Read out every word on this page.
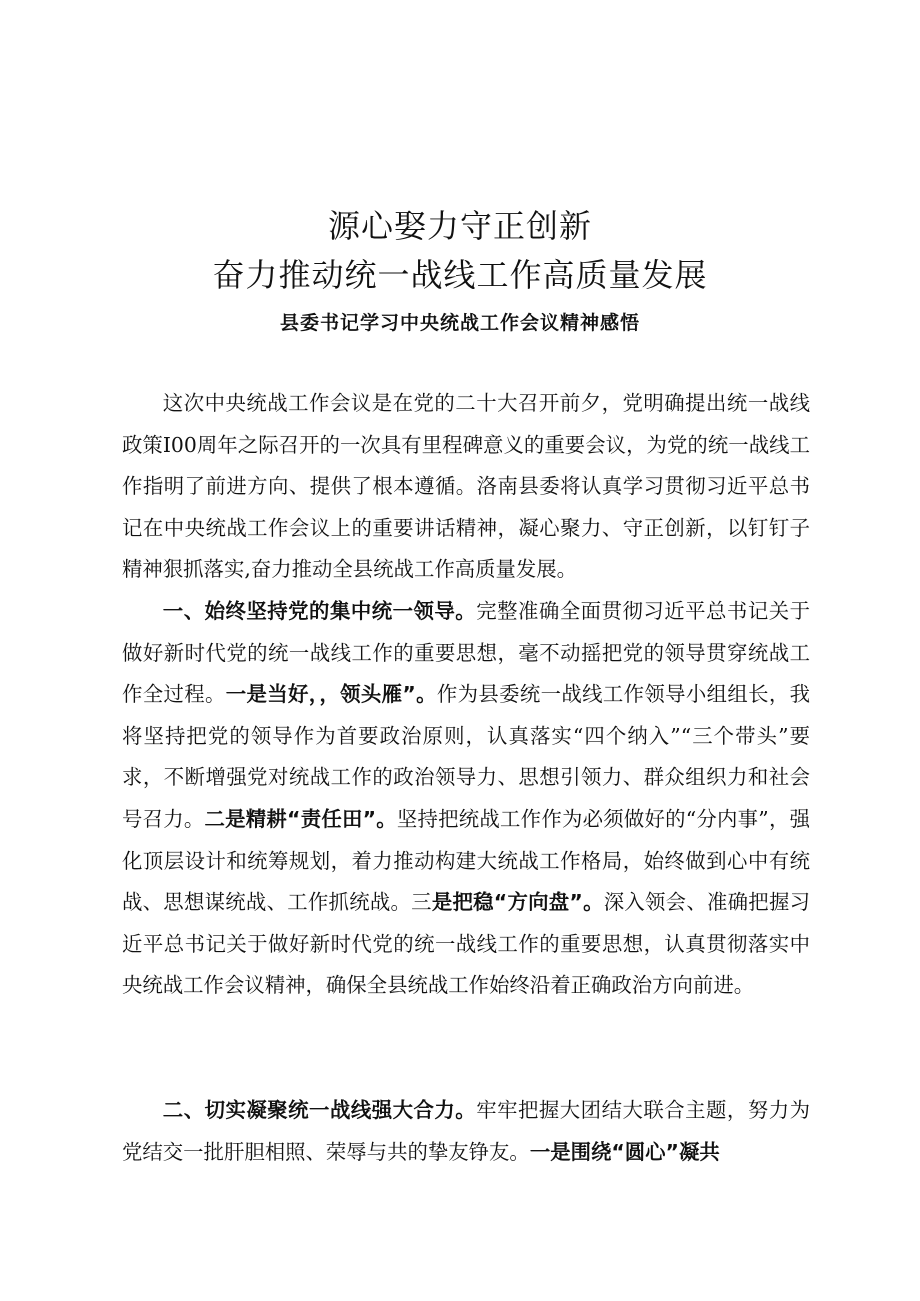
源心娶力守正创新
奋力推动统一战线工作高质量发展
县委书记学习中央统战工作会议精神感悟

这次中央统战工作会议是在党的二十大召开前夕，党明确提出统一战线政策I00周年之际召开的一次具有里程碑意义的重要会议，为党的统一战线工作指明了前进方向、提供了根本遵循。洛南县委将认真学习贯彻习近平总书记在中央统战工作会议上的重要讲话精神，凝心聚力、守正创新，以钉钉子精神狠抓落实,奋力推动全县统战工作高质量发展。

一、始终坚持党的集中统一领导。完整准确全面贯彻习近平总书记关于做好新时代党的统一战线工作的重要思想，毫不动摇把党的领导贯穿统战工作全过程。一是当好，，领头雁”。作为县委统一战线工作领导小组组长，我将坚持把党的领导作为首要政治原则，认真落实“四个纳入”“三个带头”要求，不断增强党对统战工作的政治领导力、思想引领力、群众组织力和社会号召力。二是精耕“责任田”。坚持把统战工作作为必须做好的“分内事”，强化顶层设计和统筹规划，着力推动构建大统战工作格局，始终做到心中有统战、思想谋统战、工作抓统战。三是把稳“方向盘”。深入领会、准确把握习近平总书记关于做好新时代党的统一战线工作的重要思想，认真贯彻落实中央统战工作会议精神，确保全县统战工作始终沿着正确政治方向前进。

二、切实凝聚统一战线强大合力。牢牢把握大团结大联合主题，努力为党结交一批肝胆相照、荣辱与共的挚友铮友。一是围绕“圆心”凝共
